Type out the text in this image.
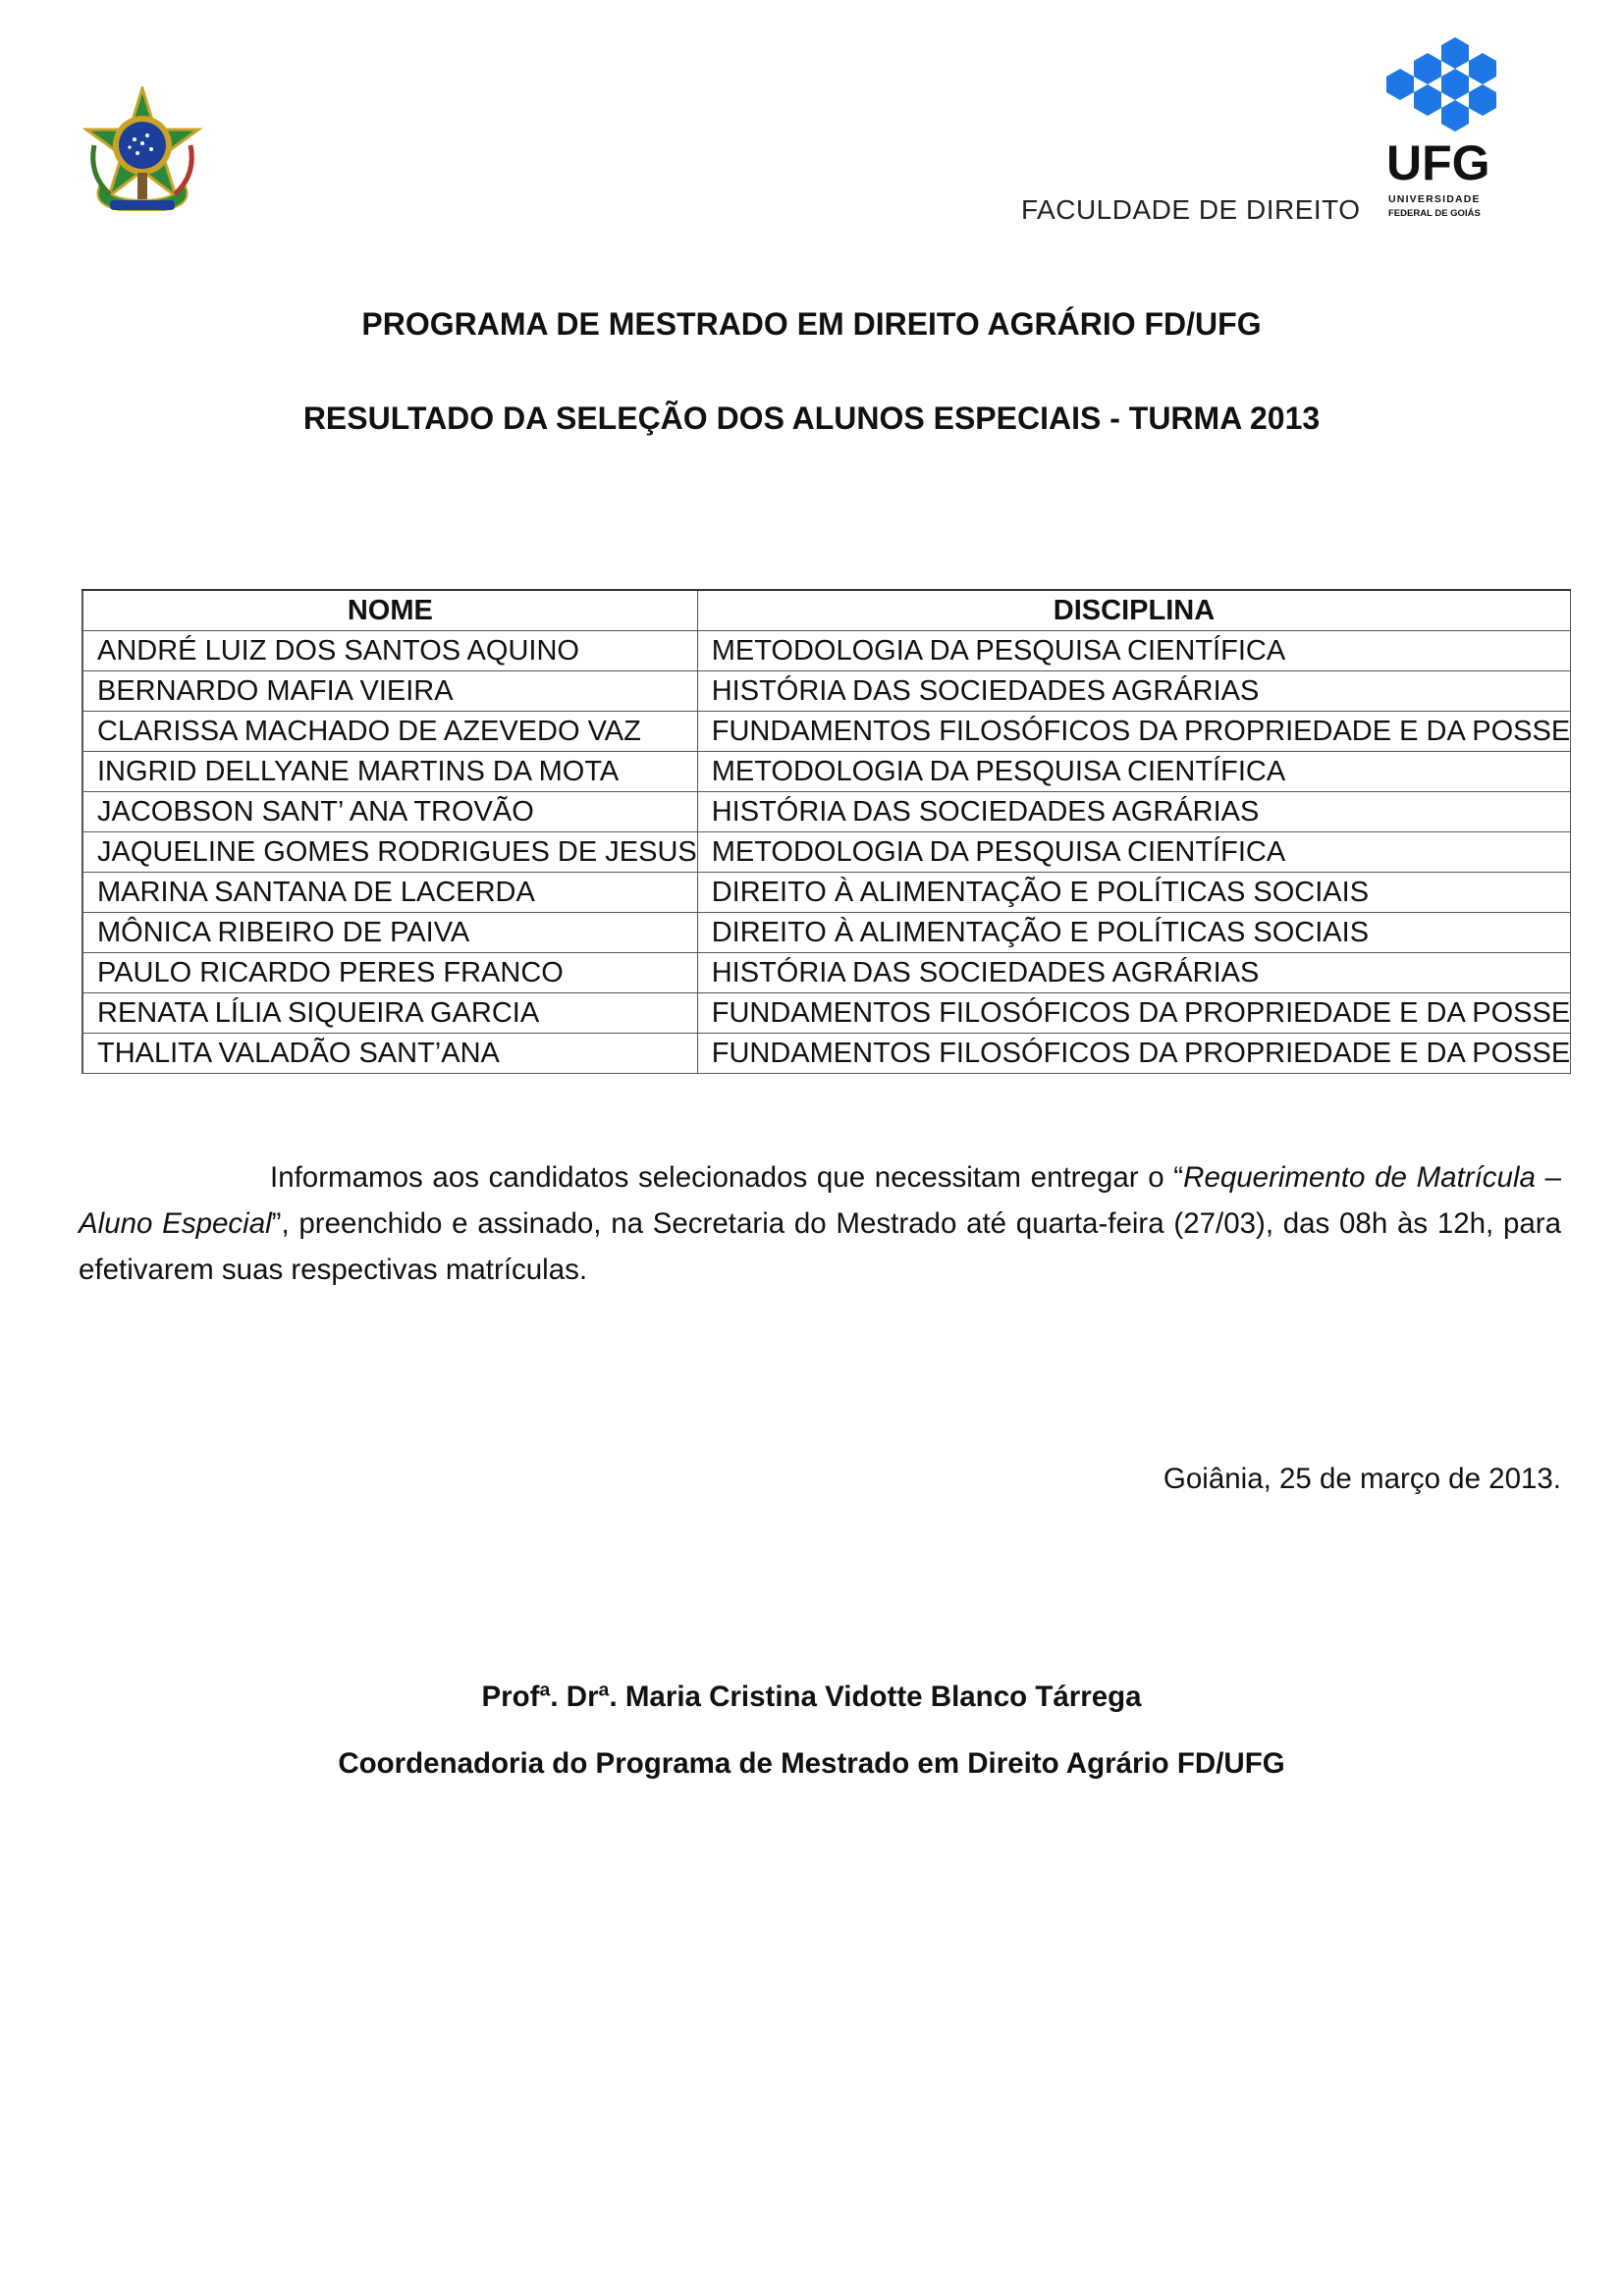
UFG
UNIVERSIDADE
FEDERAL DE GOIÁS
FACULDADE DE DIREITO
PROGRAMA DE MESTRADO EM DIREITO AGRÁRIO FD/UFG
RESULTADO DA SELEÇÃO DOS ALUNOS ESPECIAIS - TURMA 2013
NOME	DISCIPLINA
ANDRÉ LUIZ DOS SANTOS AQUINO	METODOLOGIA DA PESQUISA CIENTÍFICA
BERNARDO MAFIA VIEIRA	HISTÓRIA DAS SOCIEDADES AGRÁRIAS
CLARISSA MACHADO DE AZEVEDO VAZ	FUNDAMENTOS FILOSÓFICOS DA PROPRIEDADE E DA POSSE
INGRID DELLYANE MARTINS DA MOTA	METODOLOGIA DA PESQUISA CIENTÍFICA
JACOBSON SANT’ ANA TROVÃO	HISTÓRIA DAS SOCIEDADES AGRÁRIAS
JAQUELINE GOMES RODRIGUES DE JESUS	METODOLOGIA DA PESQUISA CIENTÍFICA
MARINA SANTANA DE LACERDA	DIREITO À ALIMENTAÇÃO E POLÍTICAS SOCIAIS
MÔNICA RIBEIRO DE PAIVA	DIREITO À ALIMENTAÇÃO E POLÍTICAS SOCIAIS
PAULO RICARDO PERES FRANCO	HISTÓRIA DAS SOCIEDADES AGRÁRIAS
RENATA LÍLIA SIQUEIRA GARCIA	FUNDAMENTOS FILOSÓFICOS DA PROPRIEDADE E DA POSSE
THALITA VALADÃO SANT’ANA	FUNDAMENTOS FILOSÓFICOS DA PROPRIEDADE E DA POSSE
Informamos aos candidatos selecionados que necessitam entregar o “Requerimento de Matrícula – Aluno Especial”, preenchido e assinado, na Secretaria do Mestrado até quarta-feira (27/03), das 08h às 12h, para efetivarem suas respectivas matrículas.
Goiânia, 25 de março de 2013.
Profª. Drª. Maria Cristina Vidotte Blanco Tárrega
Coordenadoria do Programa de Mestrado em Direito Agrário FD/UFG
